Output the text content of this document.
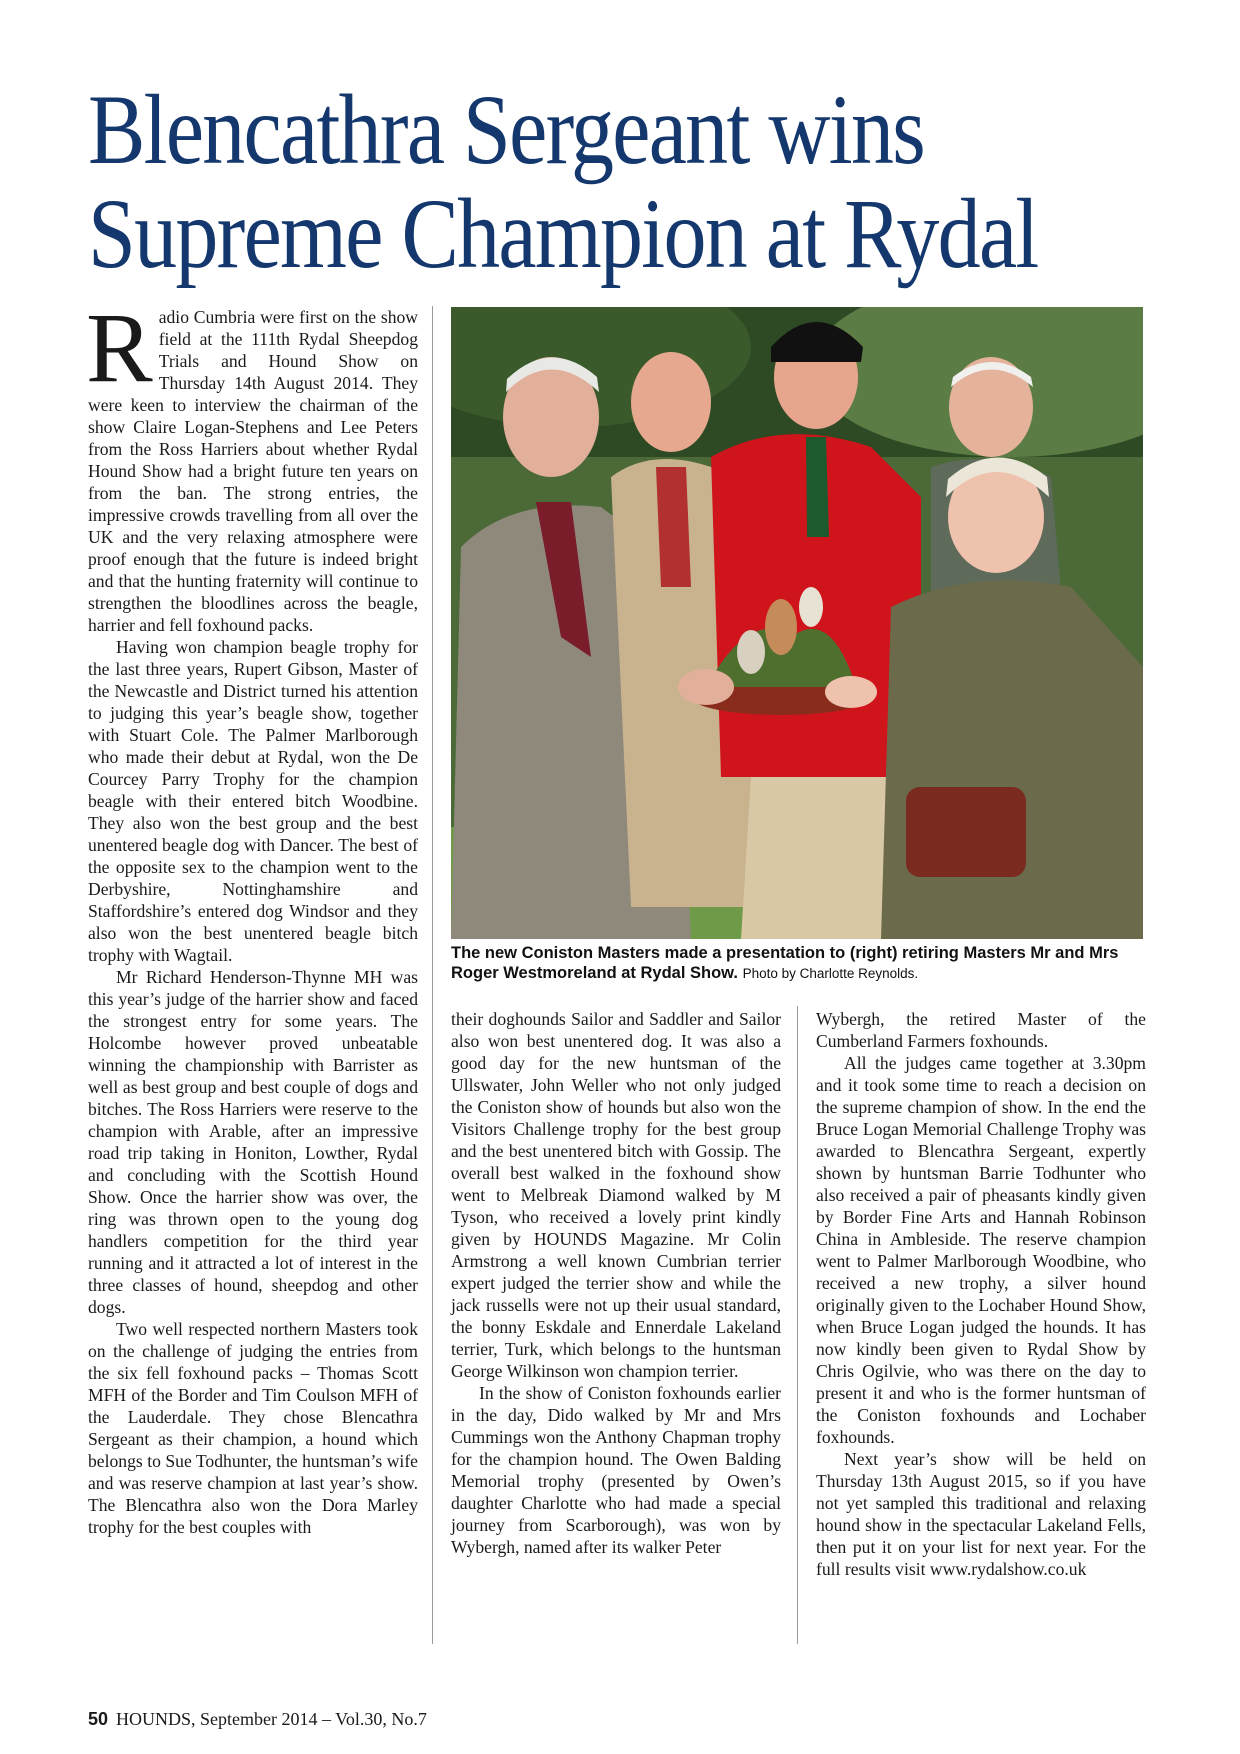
Blencathra Sergeant wins
Supreme Champion at Rydal

Radio Cumbria were first on the show field at the 111th Rydal Sheepdog Trials and Hound Show on Thursday 14th August 2014. They were keen to interview the chairman of the show Claire Logan-Stephens and Lee Peters from the Ross Harriers about whether Rydal Hound Show had a bright future ten years on from the ban. The strong entries, the impressive crowds travelling from all over the UK and the very relaxing atmosphere were proof enough that the future is indeed bright and that the hunting fraternity will continue to strengthen the bloodlines across the beagle, harrier and fell foxhound packs.

Having won champion beagle trophy for the last three years, Rupert Gibson, Master of the Newcastle and District turned his attention to judging this year’s beagle show, together with Stuart Cole. The Palmer Marlborough who made their debut at Rydal, won the De Courcey Parry Trophy for the champion beagle with their entered bitch Woodbine. They also won the best group and the best unentered beagle dog with Dancer. The best of the opposite sex to the champion went to the Derbyshire, Nottinghamshire and Staffordshire’s entered dog Windsor and they also won the best unentered beagle bitch trophy with Wagtail.

Mr Richard Henderson-Thynne MH was this year’s judge of the harrier show and faced the strongest entry for some years. The Holcombe however proved unbeatable winning the championship with Barrister as well as best group and best couple of dogs and bitches. The Ross Harriers were reserve to the champion with Arable, after an impressive road trip taking in Honiton, Lowther, Rydal and concluding with the Scottish Hound Show. Once the harrier show was over, the ring was thrown open to the young dog handlers competition for the third year running and it attracted a lot of interest in the three classes of hound, sheepdog and other dogs.

Two well respected northern Masters took on the challenge of judging the entries from the six fell foxhound packs – Thomas Scott MFH of the Border and Tim Coulson MFH of the Lauderdale. They chose Blencathra Sergeant as their champion, a hound which belongs to Sue Todhunter, the huntsman’s wife and was reserve champion at last year’s show. The Blencathra also won the Dora Marley trophy for the best couples with

The new Coniston Masters made a presentation to (right) retiring Masters Mr and Mrs Roger Westmoreland at Rydal Show. Photo by Charlotte Reynolds.

their doghounds Sailor and Saddler and Sailor also won best unentered dog. It was also a good day for the new huntsman of the Ullswater, John Weller who not only judged the Coniston show of hounds but also won the Visitors Challenge trophy for the best group and the best unentered bitch with Gossip. The overall best walked in the foxhound show went to Melbreak Diamond walked by M Tyson, who received a lovely print kindly given by HOUNDS Magazine. Mr Colin Armstrong a well known Cumbrian terrier expert judged the terrier show and while the jack russells were not up their usual standard, the bonny Eskdale and Ennerdale Lakeland terrier, Turk, which belongs to the huntsman George Wilkinson won champion terrier.

In the show of Coniston foxhounds earlier in the day, Dido walked by Mr and Mrs Cummings won the Anthony Chapman trophy for the champion hound. The Owen Balding Memorial trophy (presented by Owen’s daughter Charlotte who had made a special journey from Scarborough), was won by Wybergh, named after its walker Peter

Wybergh, the retired Master of the Cumberland Farmers foxhounds.

All the judges came together at 3.30pm and it took some time to reach a decision on the supreme champion of show. In the end the Bruce Logan Memorial Challenge Trophy was awarded to Blencathra Sergeant, expertly shown by huntsman Barrie Todhunter who also received a pair of pheasants kindly given by Border Fine Arts and Hannah Robinson China in Ambleside. The reserve champion went to Palmer Marlborough Woodbine, who received a new trophy, a silver hound originally given to the Lochaber Hound Show, when Bruce Logan judged the hounds. It has now kindly been given to Rydal Show by Chris Ogilvie, who was there on the day to present it and who is the former huntsman of the Coniston foxhounds and Lochaber foxhounds.

Next year’s show will be held on Thursday 13th August 2015, so if you have not yet sampled this traditional and relaxing hound show in the spectacular Lakeland Fells, then put it on your list for next year. For the full results visit www.rydalshow.co.uk

50 HOUNDS, September 2014 – Vol.30, No.7
